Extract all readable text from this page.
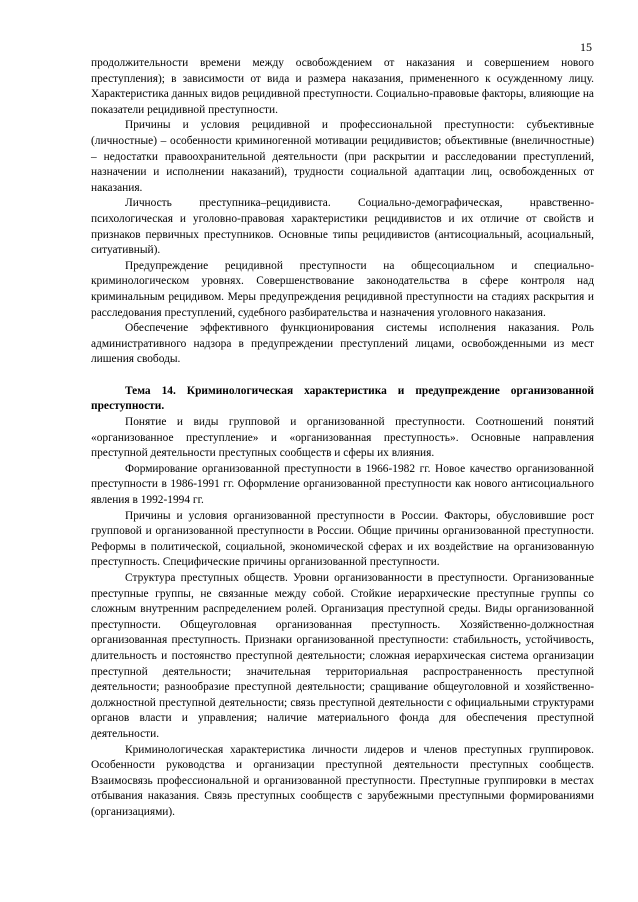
15

продолжительности времени между освобождением от наказания и совершением нового преступления); в зависимости от вида и размера наказания, примененного к осужденному лицу. Характеристика данных видов рецидивной преступности. Социально-правовые факторы, влияющие на показатели рецидивной преступности.

Причины и условия рецидивной и профессиональной преступности: субъективные (личностные) – особенности криминогенной мотивации рецидивистов; объективные (внеличностные) – недостатки правоохранительной деятельности (при раскрытии и расследовании преступлений, назначении и исполнении наказаний), трудности социальной адаптации лиц, освобожденных от наказания.

Личность преступника–рецидивиста. Социально-демографическая, нравственно-психологическая и уголовно-правовая характеристики рецидивистов и их отличие от свойств и признаков первичных преступников. Основные типы рецидивистов (антисоциальный, асоциальный, ситуативный).

Предупреждение рецидивной преступности на общесоциальном и специально-криминологическом уровнях. Совершенствование законодательства в сфере контроля над криминальным рецидивом. Меры предупреждения рецидивной преступности на стадиях раскрытия и расследования преступлений, судебного разбирательства и назначения уголовного наказания.

Обеспечение эффективного функционирования системы исполнения наказания. Роль административного надзора в предупреждении преступлений лицами, освобожденными из мест лишения свободы.

Тема 14. Криминологическая характеристика и предупреждение организованной преступности.

Понятие и виды групповой и организованной преступности. Соотношений понятий «организованное преступление» и «организованная преступность». Основные направления преступной деятельности преступных сообществ и сферы их влияния.

Формирование организованной преступности в 1966-1982 гг. Новое качество организованной преступности в 1986-1991 гг. Оформление организованной преступности как нового антисоциального явления в 1992-1994 гг.

Причины и условия организованной преступности в России. Факторы, обусловившие рост групповой и организованной преступности в России. Общие причины организованной преступности. Реформы в политической, социальной, экономической сферах и их воздействие на организованную преступность. Специфические причины организованной преступности.

Структура преступных обществ. Уровни организованности в преступности. Организованные преступные группы, не связанные между собой. Стойкие иерархические преступные группы со сложным внутренним распределением ролей. Организация преступной среды. Виды организованной преступности. Общеуголовная организованная преступность. Хозяйственно-должностная организованная преступность. Признаки организованной преступности: стабильность, устойчивость, длительность и постоянство преступной деятельности; сложная иерархическая система организации преступной деятельности; значительная территориальная распространенность преступной деятельности; разнообразие преступной деятельности; сращивание общеуголовной и хозяйственно-должностной преступной деятельности; связь преступной деятельности с официальными структурами органов власти и управления; наличие материального фонда для обеспечения преступной деятельности.

Криминологическая характеристика личности лидеров и членов преступных группировок. Особенности руководства и организации преступной деятельности преступных сообществ. Взаимосвязь профессиональной и организованной преступности. Преступные группировки в местах отбывания наказания. Связь преступных сообществ с зарубежными преступными формированиями (организациями).
